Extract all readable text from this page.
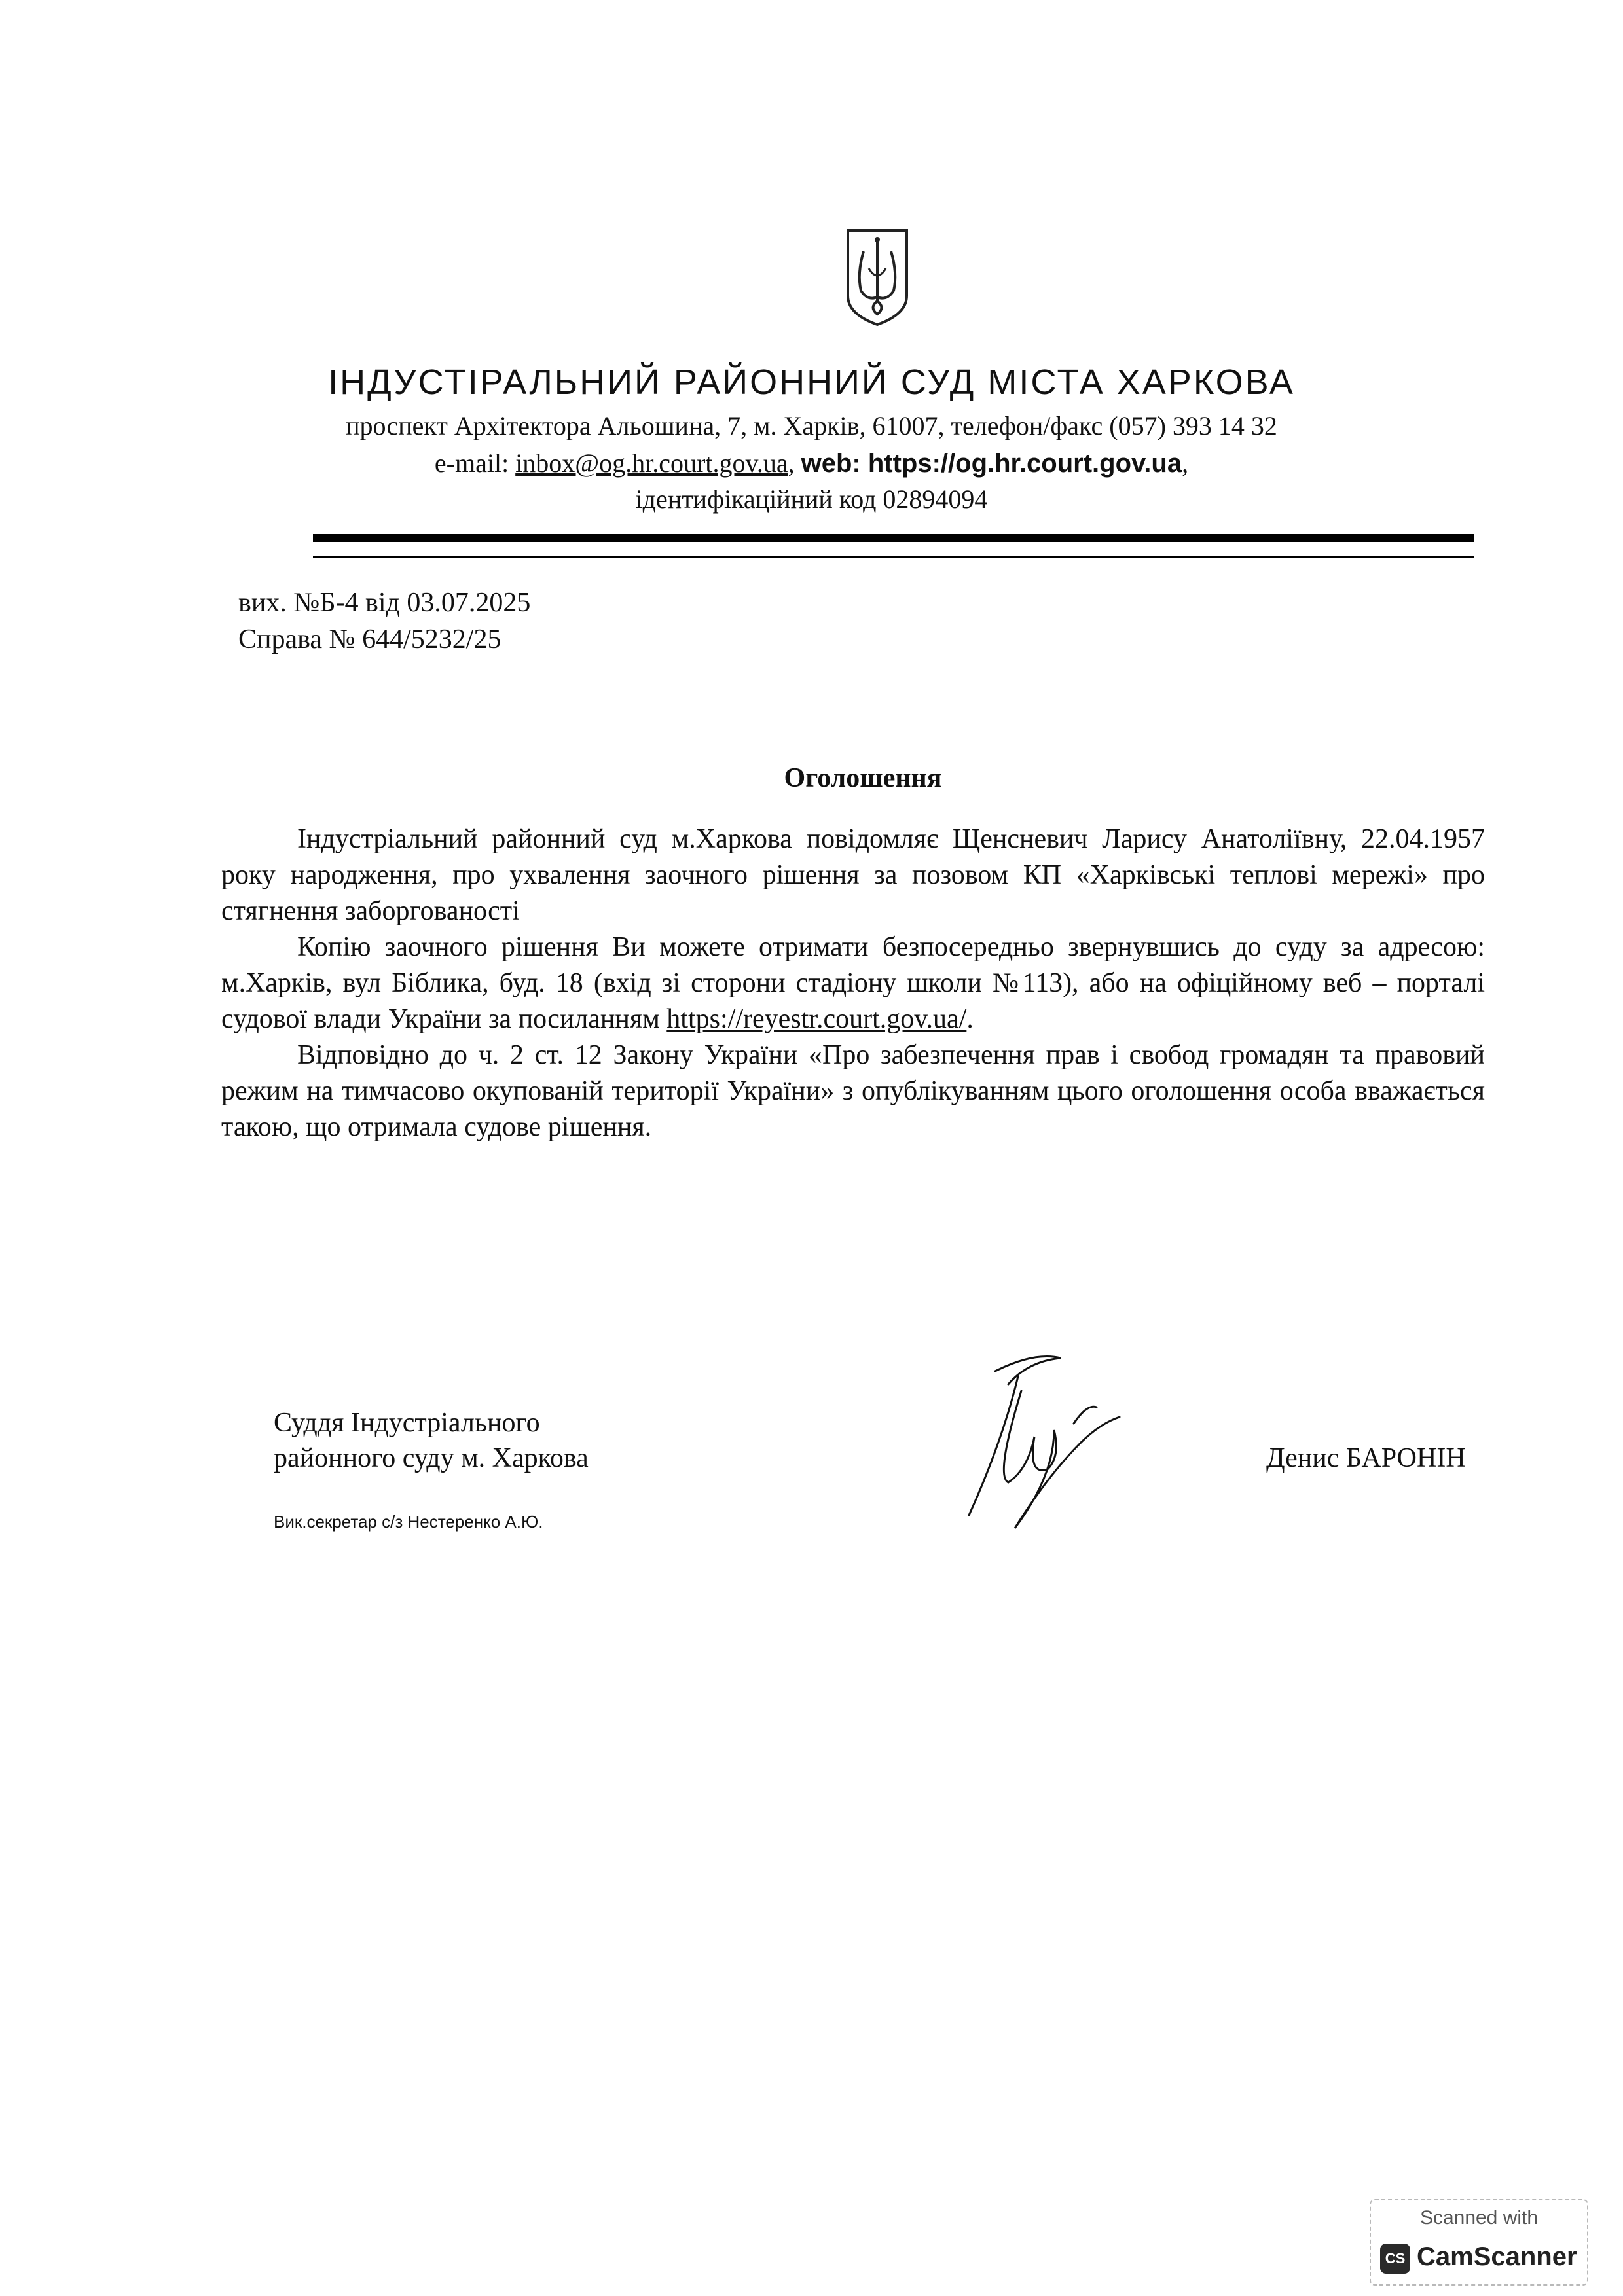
ІНДУСТІРАЛЬНИЙ РАЙОННИЙ СУД МІСТА ХАРКОВА
проспект Архітектора Альошина, 7, м. Харків, 61007, телефон/факс (057) 393 14 32
e-mail: inbox@og.hr.court.gov.ua, web: https://og.hr.court.gov.ua,
ідентифікаційний код 02894094
вих. №Б-4 від 03.07.2025
Справа № 644/5232/25
Оголошення

Індустріальний районний суд м.Харкова повідомляє Щенсневич Ларису Анатоліївну, 22.04.1957 року народження, про ухвалення заочного рішення за позовом КП «Харківські теплові мережі» про стягнення заборгованості

Копію заочного рішення Ви можете отримати безпосередньо звернувшись до суду за адресою: м.Харків, вул Біблика, буд. 18 (вхід зі сторони стадіону школи №113), або на офіційному веб – порталі судової влади України за посиланням https://reyestr.court.gov.ua/.

Відповідно до ч. 2 ст. 12 Закону України «Про забезпечення прав і свобод громадян та правовий режим на тимчасово окупованій території України» з опублікуванням цього оголошення особа вважається такою, що отримала судове рішення.

Суддя Індустріального
районного суду м. Харкова	Денис БАРОНІН
Вик.секретар с/з Нестеренко А.Ю.
Scanned with
CS CamScanner
